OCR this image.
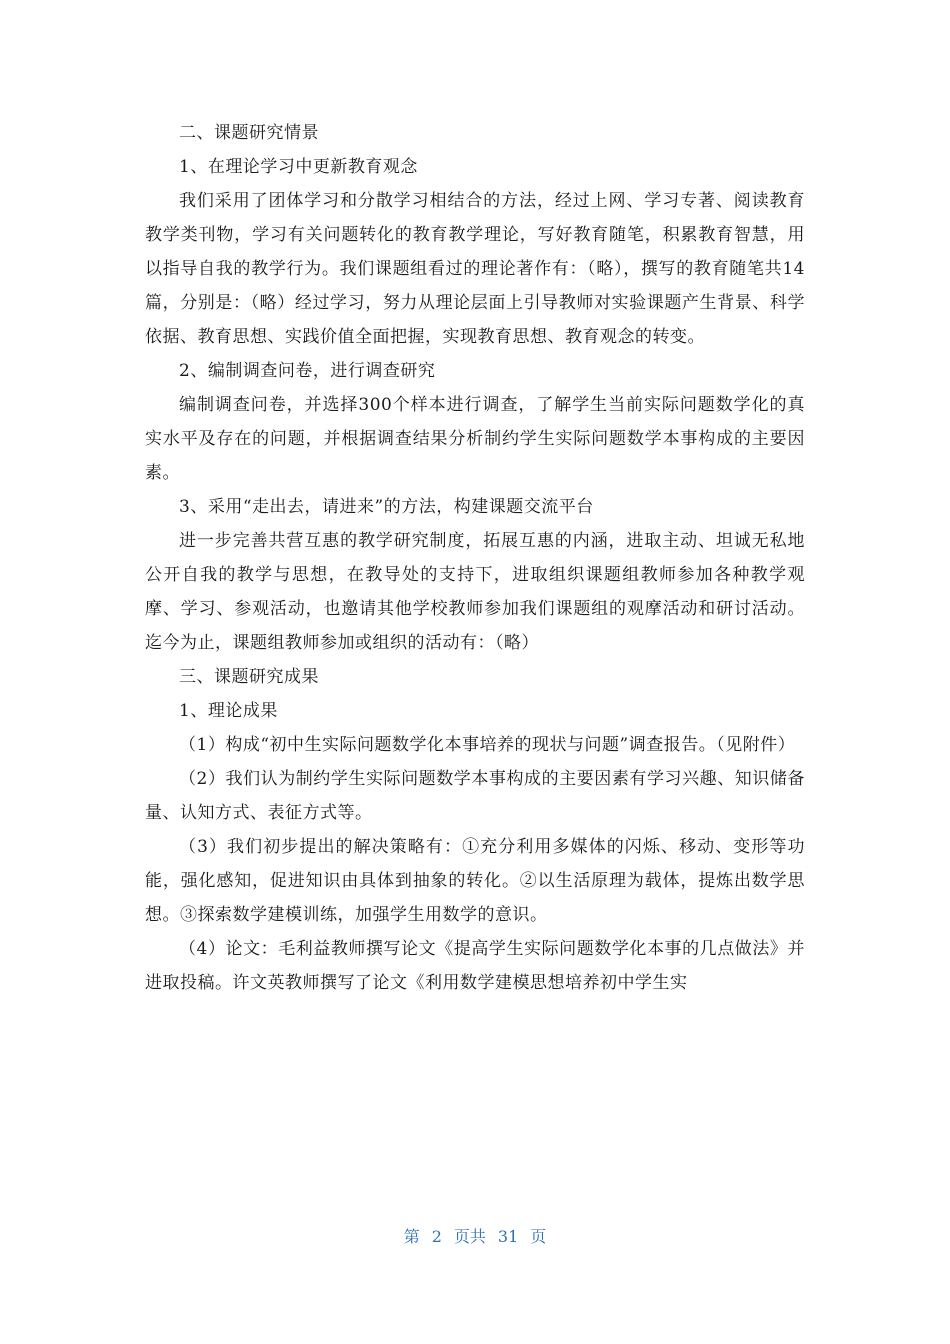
二、课题研究情景

1、在理论学习中更新教育观念

我们采用了团体学习和分散学习相结合的方法，经过上网、学习专著、阅读教育教学类刊物，学习有关问题转化的教育教学理论，写好教育随笔，积累教育智慧，用以指导自我的教学行为。我们课题组看过的理论著作有：（略），撰写的教育随笔共14篇，分别是：（略）经过学习，努力从理论层面上引导教师对实验课题产生背景、科学依据、教育思想、实践价值全面把握，实现教育思想、教育观念的转变。

2、编制调查问卷，进行调查研究

编制调查问卷，并选择300个样本进行调查，了解学生当前实际问题数学化的真实水平及存在的问题，并根据调查结果分析制约学生实际问题数学本事构成的主要因素。

3、采用“走出去，请进来”的方法，构建课题交流平台

进一步完善共营互惠的教学研究制度，拓展互惠的内涵，进取主动、坦诚无私地公开自我的教学与思想，在教导处的支持下，进取组织课题组教师参加各种教学观摩、学习、参观活动，也邀请其他学校教师参加我们课题组的观摩活动和研讨活动。迄今为止，课题组教师参加或组织的活动有：（略）

三、课题研究成果

1、理论成果

（1）构成“初中生实际问题数学化本事培养的现状与问题”调查报告。（见附件）

（2）我们认为制约学生实际问题数学本事构成的主要因素有学习兴趣、知识储备量、认知方式、表征方式等。

（3）我们初步提出的解决策略有：①充分利用多媒体的闪烁、移动、变形等功能，强化感知，促进知识由具体到抽象的转化。②以生活原理为载体，提炼出数学思想。③探索数学建模训练，加强学生用数学的意识。

（4）论文：毛利益教师撰写论文《提高学生实际问题数学化本事的几点做法》并进取投稿。许文英教师撰写了论文《利用数学建模思想培养初中学生实

第 2 页共 31 页
